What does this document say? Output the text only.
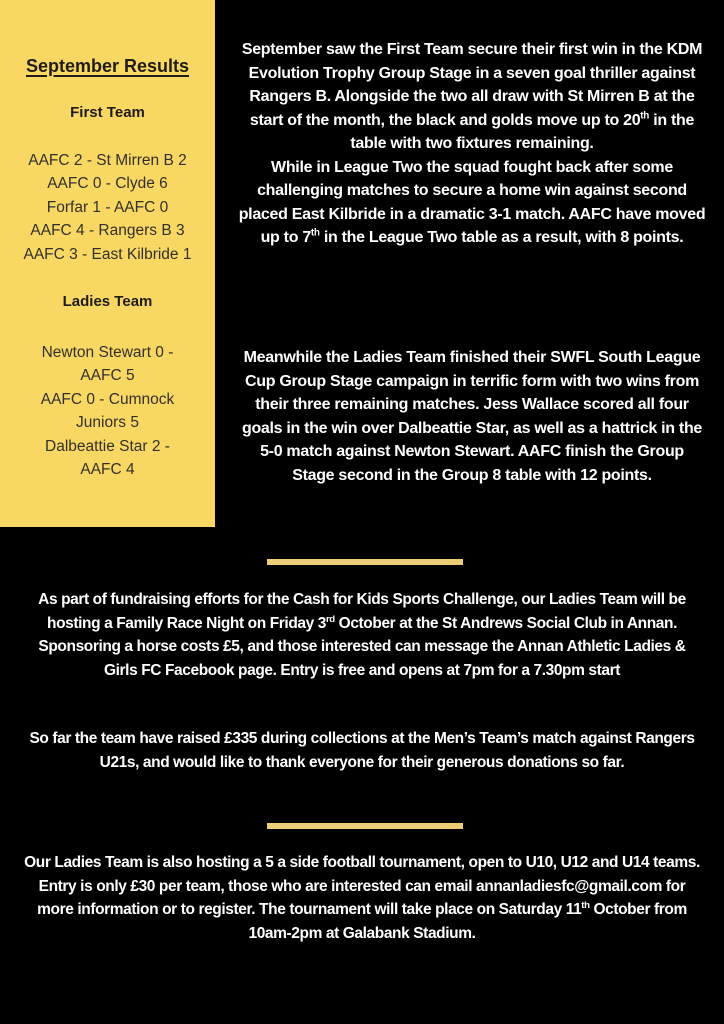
September Results
First Team
AAFC 2 - St Mirren B 2
AAFC 0 - Clyde 6
Forfar 1 - AAFC 0
AAFC 4 - Rangers B 3
AAFC 3 - East Kilbride 1
Ladies Team
Newton Stewart 0 -
AAFC 5
AAFC 0 - Cumnock
Juniors 5
Dalbeattie Star 2 -
AAFC 4

September saw the First Team secure their first win in the KDM Evolution Trophy Group Stage in a seven goal thriller against Rangers B. Alongside the two all draw with St Mirren B at the start of the month, the black and golds move up to 20th in the table with two fixtures remaining.

While in League Two the squad fought back after some challenging matches to secure a home win against second placed East Kilbride in a dramatic 3-1 match. AAFC have moved up to 7th in the League Two table as a result, with 8 points.

Meanwhile the Ladies Team finished their SWFL South League Cup Group Stage campaign in terrific form with two wins from their three remaining matches. Jess Wallace scored all four goals in the win over Dalbeattie Star, as well as a hattrick in the 5-0 match against Newton Stewart. AAFC finish the Group Stage second in the Group 8 table with 12 points.

As part of fundraising efforts for the Cash for Kids Sports Challenge, our Ladies Team will be hosting a Family Race Night on Friday 3rd October at the St Andrews Social Club in Annan. Sponsoring a horse costs £5, and those interested can message the Annan Athletic Ladies & Girls FC Facebook page. Entry is free and opens at 7pm for a 7.30pm start

So far the team have raised £335 during collections at the Men’s Team’s match against Rangers U21s, and would like to thank everyone for their generous donations so far.

Our Ladies Team is also hosting a 5 a side football tournament, open to U10, U12 and U14 teams. Entry is only £30 per team, those who are interested can email annanladiesfc@gmail.com for more information or to register. The tournament will take place on Saturday 11th October from 10am-2pm at Galabank Stadium.
